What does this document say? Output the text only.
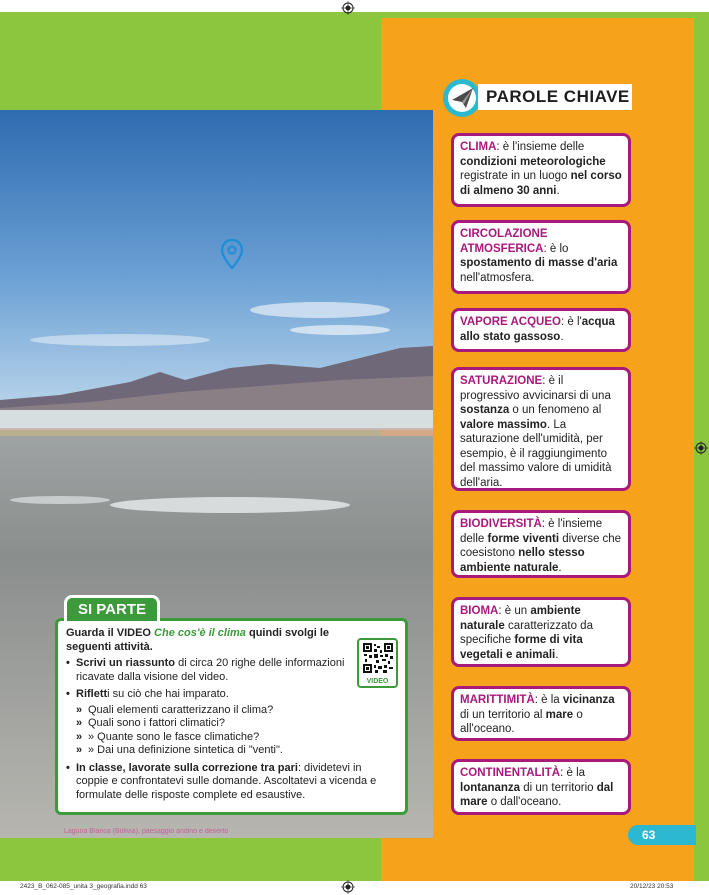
PAROLE CHIAVE
CLIMA: è l'insieme delle condizioni meteorologiche registrate in un luogo nel corso di almeno 30 anni.
CIRCOLAZIONE ATMOSFERICA: è lo spostamento di masse d'aria nell'atmosfera.
VAPORE ACQUEO: è l'acqua allo stato gassoso.
SATURAZIONE: è il progressivo avvicinarsi di una sostanza o un fenomeno al valore massimo. La saturazione dell'umidità, per esempio, è il raggiungimento del massimo valore di umidità dell'aria.
BIODIVERSITÀ: è l'insieme delle forme viventi diverse che coesistono nello stesso ambiente naturale.
BIOMA: è un ambiente naturale caratterizzato da specifiche forme di vita vegetali e animali.
MARITTIMITÀ: è la vicinanza di un territorio al mare o all'oceano.
CONTINENTALITÀ: è la lontananza di un territorio dal mare o dall'oceano.
Guarda il VIDEO Che cos'è il clima quindi svolgi le seguenti attività.
• Scrivi un riassunto di circa 20 righe delle informazioni ricavate dalla visione del video.
• Rifletti su ciò che hai imparato.
» Quali elementi caratterizzano il clima?
» Quali sono i fattori climatici?
» » Quante sono le fasce climatiche?
» » Dai una definizione sintetica di "venti".
• In classe, lavorate sulla correzione tra pari: dividetevi in coppie e confrontatevi sulle domande. Ascoltatevi a vicenda e formulate delle risposte complete ed esaustive.
SI PARTE
VIDEO
Laguna Blanca (Bolivia), paesaggio andino e deserto	63
2423_B_062-085_unita 3_geografia.indd 63	20/12/23 20:53
